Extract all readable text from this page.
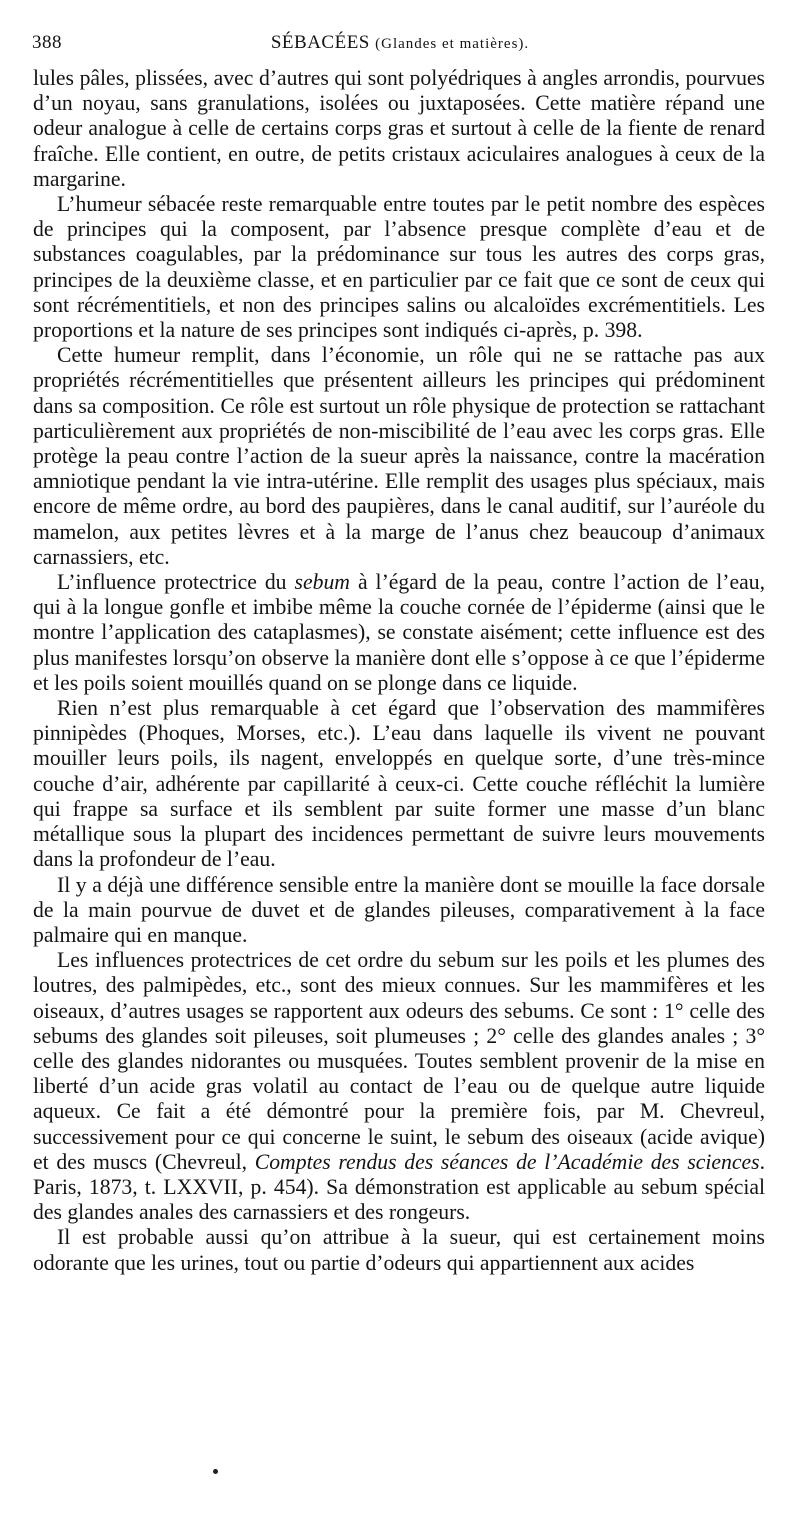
388	SÉBACÉES (Glandes et matières).

lules pâles, plissées, avec d’autres qui sont polyédriques à angles arrondis, pourvues d’un noyau, sans granulations, isolées ou juxtaposées. Cette matière répand une odeur analogue à celle de certains corps gras et surtout à celle de la fiente de renard fraîche. Elle contient, en outre, de petits cristaux aciculaires analogues à ceux de la margarine.

L’humeur sébacée reste remarquable entre toutes par le petit nombre des espèces de principes qui la composent, par l’absence presque complète d’eau et de substances coagulables, par la prédominance sur tous les autres des corps gras, principes de la deuxième classe, et en particulier par ce fait que ce sont de ceux qui sont récrémentitiels, et non des principes salins ou alcaloïdes excrémentitiels. Les proportions et la nature de ses principes sont indiqués ci-après, p. 398.

Cette humeur remplit, dans l’économie, un rôle qui ne se rattache pas aux propriétés récrémentitielles que présentent ailleurs les principes qui prédominent dans sa composition. Ce rôle est surtout un rôle physique de protection se rattachant particulièrement aux propriétés de non-miscibilité de l’eau avec les corps gras. Elle protège la peau contre l’action de la sueur après la naissance, contre la macération amniotique pendant la vie intra-utérine. Elle remplit des usages plus spéciaux, mais encore de même ordre, au bord des paupières, dans le canal auditif, sur l’auréole du mamelon, aux petites lèvres et à la marge de l’anus chez beaucoup d’animaux carnassiers, etc.

L’influence protectrice du sebum à l’égard de la peau, contre l’action de l’eau, qui à la longue gonfle et imbibe même la couche cornée de l’épiderme (ainsi que le montre l’application des cataplasmes), se constate aisément; cette influence est des plus manifestes lorsqu’on observe la manière dont elle s’oppose à ce que l’épiderme et les poils soient mouillés quand on se plonge dans ce liquide.

Rien n’est plus remarquable à cet égard que l’observation des mammifères pinnipèdes (Phoques, Morses, etc.). L’eau dans laquelle ils vivent ne pouvant mouiller leurs poils, ils nagent, enveloppés en quelque sorte, d’une très-mince couche d’air, adhérente par capillarité à ceux-ci. Cette couche réfléchit la lumière qui frappe sa surface et ils semblent par suite former une masse d’un blanc métallique sous la plupart des incidences permettant de suivre leurs mouvements dans la profondeur de l’eau.

Il y a déjà une différence sensible entre la manière dont se mouille la face dorsale de la main pourvue de duvet et de glandes pileuses, comparativement à la face palmaire qui en manque.

Les influences protectrices de cet ordre du sebum sur les poils et les plumes des loutres, des palmipèdes, etc., sont des mieux connues. Sur les mammifères et les oiseaux, d’autres usages se rapportent aux odeurs des sebums. Ce sont : 1° celle des sebums des glandes soit pileuses, soit plumeuses ; 2° celle des glandes anales ; 3° celle des glandes nidorantes ou musquées. Toutes semblent provenir de la mise en liberté d’un acide gras volatil au contact de l’eau ou de quelque autre liquide aqueux. Ce fait a été démontré pour la première fois, par M. Chevreul, successivement pour ce qui concerne le suint, le sebum des oiseaux (acide avique) et des muscs (Chevreul, Comptes rendus des séances de l’Académie des sciences. Paris, 1873, t. LXXVII, p. 454). Sa démonstration est applicable au sebum spécial des glandes anales des carnassiers et des rongeurs.

Il est probable aussi qu’on attribue à la sueur, qui est certainement moins odorante que les urines, tout ou partie d’odeurs qui appartiennent aux acides
